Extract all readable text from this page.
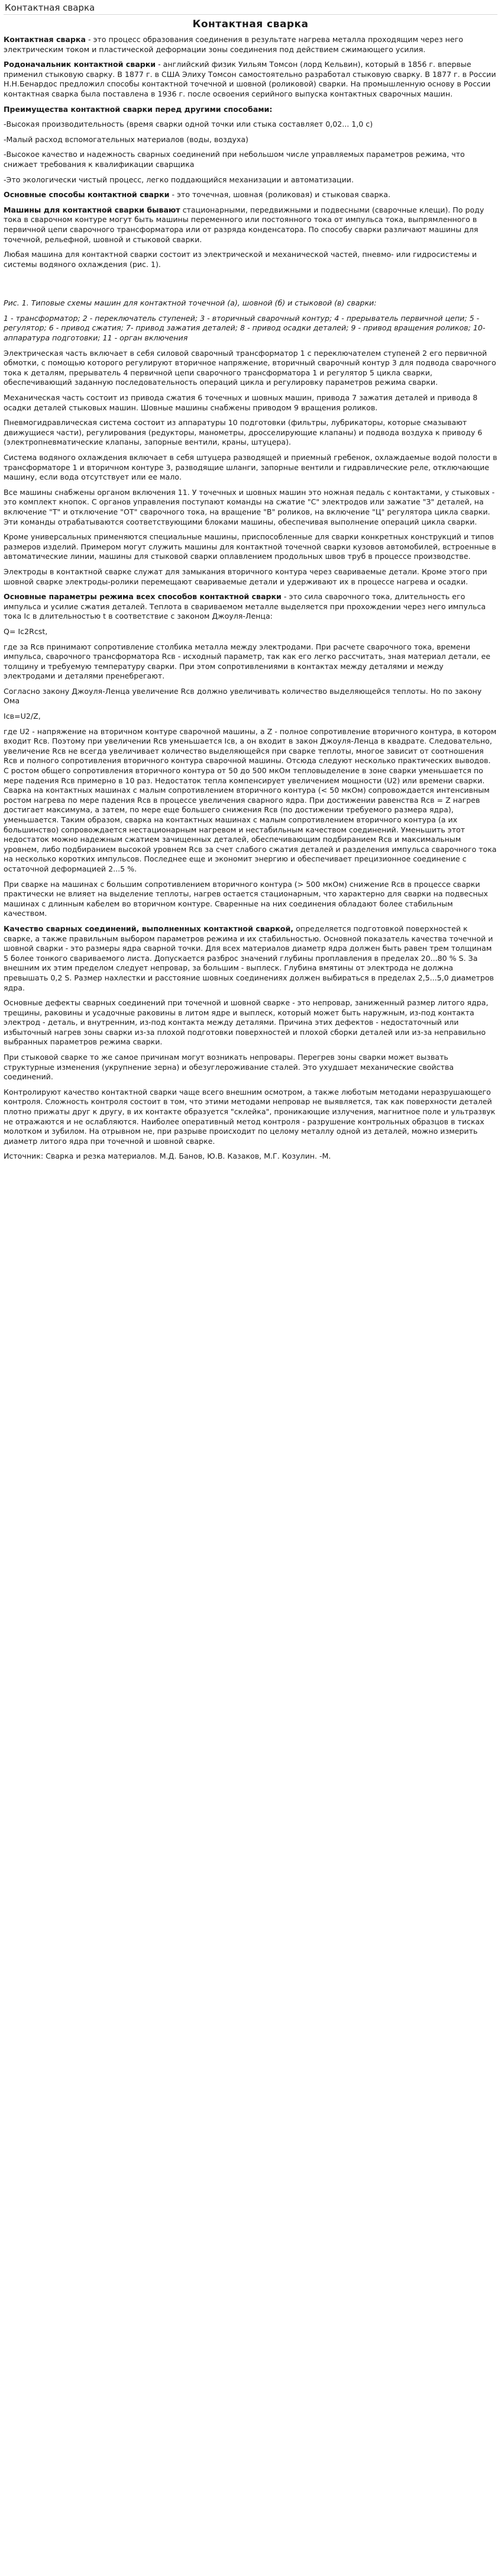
Контактная сварка
Контактная сварка

Контактная сварка - это процесс образования соединения в результате нагрева металла проходящим через него электрическим током и пластической деформации зоны соединения под действием сжимающего усилия.

Родоначальник контактной сварки - английский физик Уильям Томсон (лорд Кельвин), который в 1856 г. впервые применил стыковую сварку. В 1877 г. в США Элиху Томсон самостоятельно разработал стыковую сварку. В 1877 г. в России Н.Н.Бенардос предложил способы контактной точечной и шовной (роликовой) сварки. На промышленную основу в России контактная сварка была поставлена в 1936 г. после освоения серийного выпуска контактных сварочных машин.

Преимущества контактной сварки перед другими способами:

-Высокая производительность (время сварки одной точки или стыка составляет 0,02... 1,0 с)

-Малый расход вспомогательных материалов (воды, воздуха)

-Высокое качество и надежность сварных соединений при небольшом числе управляемых параметров режима, что снижает требования к квалификации сварщика

-Это экологически чистый процесс, легко поддающийся механизации и автоматизации.

Основные способы контактной сварки - это точечная, шовная (роликовая) и стыковая сварка.

Машины для контактной сварки бывают стационарными, передвижными и подвесными (сварочные клещи). По роду тока в сварочном контуре могут быть машины переменного или постоянного тока от импульса тока, выпрямленного в первичной цепи сварочного трансформатора или от разряда конденсатора. По способу сварки различают машины для точечной, рельефной, шовной и стыковой сварки.

Любая машина для контактной сварки состоит из электрической и механической частей, пневмо- или гидросистемы и системы водяного охлаждения (рис. 1).

Рис. 1. Типовые схемы машин для контактной точечной (а), шовной (б) и стыковой (в) сварки:

1 - трансформатор; 2 - переключатель ступеней; 3 - вторичный сварочный контур; 4 - прерыватель первичной цепи; 5 - регулятор; 6 - привод сжатия; 7- привод зажатия деталей; 8 - привод осадки деталей; 9 - привод вращения роликов; 10- аппаратура подготовки; 11 - орган включения

Электрическая часть включает в себя силовой сварочный трансформатор 1 с переключателем ступеней 2 его первичной обмотки, с помощью которого регулируют вторичное напряжение, вторичный сварочный контур 3 для подвода сварочного тока к деталям, прерыватель 4 первичной цепи сварочного трансформатора 1 и регулятор 5 цикла сварки, обеспечивающий заданную последовательность операций цикла и регулировку параметров режима сварки.

Механическая часть состоит из привода сжатия 6 точечных и шовных машин, привода 7 зажатия деталей и привода 8 осадки деталей стыковых машин. Шовные машины снабжены приводом 9 вращения роликов.

Пневмогидравлическая система состоит из аппаратуры 10 подготовки (фильтры, лубрикаторы, которые смазывают движущиеся части), регулирования (редукторы, манометры, дросселирующие клапаны) и подвода воздуха к приводу 6 (электропневматические клапаны, запорные вентили, краны, штуцера).

Система водяного охлаждения включает в себя штуцера разводящей и приемный гребенок, охлаждаемые водой полости в трансформаторе 1 и вторичном контуре 3, разводящие шланги, запорные вентили и гидравлические реле, отключающие машину, если вода отсутствует или ее мало.

Все машины снабжены органом включения 11. У точечных и шовных машин это ножная педаль с контактами, у стыковых - это комплект кнопок. С органов управления поступают команды на сжатие "С" электродов или зажатие "З" деталей, на включение "Т" и отключение "ОТ" сварочного тока, на вращение "В" роликов, на включение "Ц" регулятора цикла сварки. Эти команды отрабатываются соответствующими блоками машины, обеспечивая выполнение операций цикла сварки.

Кроме универсальных применяются специальные машины, приспособленные для сварки конкретных конструкций и типов размеров изделий. Примером могут служить машины для контактной точечной сварки кузовов автомобилей, встроенные в автоматические линии, машины для стыковой сварки оплавлением продольных швов труб в процессе производстве.

Электроды в контактной сварке служат для замыкания вторичного контура через свариваемые детали. Кроме этого при шовной сварке электроды-ролики перемещают свариваемые детали и удерживают их в процессе нагрева и осадки.

Основные параметры режима всех способов контактной сварки - это сила сварочного тока, длительность его импульса и усилие сжатия деталей. Теплота в свариваемом металле выделяется при прохождении через него импульса тока Ic в длительностью t в соответствие с законом Джоуля-Ленца:

Q= Ic2Rcst,

где за Rсв принимают сопротивление столбика металла между электродами. При расчете сварочного тока, времени импульса, сварочного трансформатора Rсв - исходный параметр, так как его легко рассчитать, зная материал детали, ее толщину и требуемую температуру сварки. При этом сопротивлениями в контактах между деталями и между электродами и деталями пренебрегают.

Согласно закону Джоуля-Ленца увеличение Rсв должно увеличивать количество выделяющейся теплоты. Но по закону Ома

Icв=U2/Z,

где U2 - напряжение на вторичном контуре сварочной машины, а Z - полное сопротивление вторичного контура, в котором входит Rсв. Поэтому при увеличении Rсв уменьшается Icв, а он входит в закон Джоуля-Ленца в квадрате. Следовательно, увеличение Rсв не всегда увеличивает количество выделяющейся при сварке теплоты, многое зависит от соотношения Rсв и полного сопротивления вторичного контура сварочной машины. Отсюда следуют несколько практических выводов. С ростом общего сопротивления вторичного контура от 50 до 500 мкОм тепловыделение в зоне сварки уменьшается по мере падения Rсв примерно в 10 раз. Недостаток тепла компенсирует увеличением мощности (U2) или времени сварки. Сварка на контактных машинах с малым сопротивлением вторичного контура (< 50 мкОм) сопровождается интенсивным ростом нагрева по мере падения Rсв в процессе увеличения сварного ядра. При достижении равенства Rсв = Z нагрев достигает максимума, а затем, по мере еще большего снижения Rсв (по достижении требуемого размера ядра), уменьшается. Таким образом, сварка на контактных машинах с малым сопротивлением вторичного контура (а их большинство) сопровождается нестационарным нагревом и нестабильным качеством соединений. Уменьшить этот недостаток можно надежным сжатием зачищенных деталей, обеспечивающим подбиранием Rсв и максимальным уровнем, либо подбиранием высокой уровнем Rсв за счет слабого сжатия деталей и разделения импульса сварочного тока на несколько коротких импульсов. Последнее еще и экономит энергию и обеспечивает прецизионное соединение с остаточной деформацией 2...5 %.

При сварке на машинах с большим сопротивлением вторичного контура (> 500 мкОм) снижение Rсв в процессе сварки практически не влияет на выделение теплоты, нагрев остается стационарным, что характерно для сварки на подвесных машинах с длинным кабелем во вторичном контуре. Сваренные на них соединения обладают более стабильным качеством.

Качество сварных соединений, выполненных контактной сваркой, определяется подготовкой поверхностей к сварке, а также правильным выбором параметров режима и их стабильностью. Основной показатель качества точечной и шовной сварки - это размеры ядра сварной точки. Для всех материалов диаметр ядра должен быть равен трем толщинам 5 более тонкого свариваемого листа. Допускается разброс значений глубины проплавления в пределах 20...80 % S. За внешним их этим пределом следует непровар, за большим - выплеск. Глубина вмятины от электрода не должна превышать 0,2 S. Размер нахлестки и расстояние шовных соединениях должен выбираться в пределах 2,5...5,0 диаметров ядра.

Основные дефекты сварных соединений при точечной и шовной сварке - это непровар, заниженный размер литого ядра, трещины, раковины и усадочные раковины в литом ядре и выплеск, который может быть наружным, из-под контакта электрод - деталь, и внутренним, из-под контакта между деталями. Причина этих дефектов - недостаточный или избыточный нагрев зоны сварки из-за плохой подготовки поверхностей и плохой сборки деталей или из-за неправильно выбранных параметров режима сварки.

При стыковой сварке то же самое причинам могут возникать непровары. Перегрев зоны сварки может вызвать структурные изменения (укрупнение зерна) и обезуглероживание сталей. Это ухудшает механические свойства соединений.

Контролируют качество контактной сварки чаще всего внешним осмотром, а также люботым методами неразрушающего контроля. Сложность контроля состоит в том, что этими методами непровар не выявляется, так как поверхности деталей плотно прижаты друг к другу, в их контакте образуется "склейка", проникающие излучения, магнитное поле и ультразвук не отражаются и не ослабляются. Наиболее оперативный метод контроля - разрушение контрольных образцов в тисках молотком и зубилом. На отрывном не, при разрыве происходит по целому металлу одной из деталей, можно измерить диаметр литого ядра при точечной и шовной сварке.

Источник: Сварка и резка материалов. М.Д. Банов, Ю.В. Казаков, М.Г. Козулин. -М.
